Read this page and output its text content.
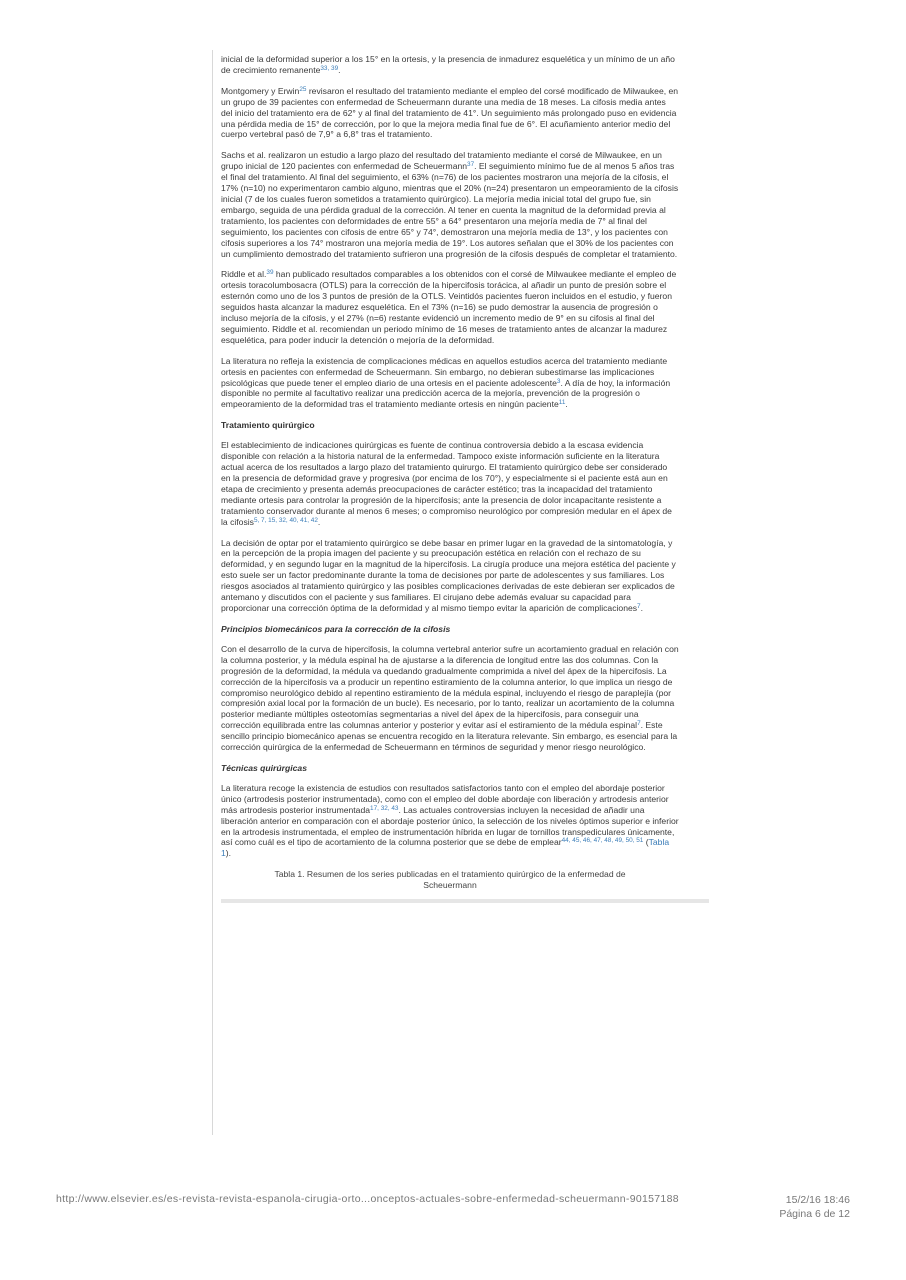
inicial de la deformidad superior a los 15° en la ortesis, y la presencia de inmadurez esquelética y un mínimo de un año de crecimiento remanente$^{33, 39}$.

Montgomery y Erwin$^{25}$ revisaron el resultado del tratamiento mediante el empleo del corsé modificado de Milwaukee, en un grupo de 39 pacientes con enfermedad de Scheuermann durante una media de 18 meses. La cifosis media antes del inicio del tratamiento era de 62° y al final del tratamiento de 41°. Un seguimiento más prolongado puso en evidencia una pérdida media de 15° de corrección, por lo que la mejora media final fue de 6°. El acuñamiento anterior medio del cuerpo vertebral pasó de 7,9° a 6,8° tras el tratamiento.

Sachs et al. realizaron un estudio a largo plazo del resultado del tratamiento mediante el corsé de Milwaukee, en un grupo inicial de 120 pacientes con enfermedad de Scheuermann$^{37}$. El seguimiento mínimo fue de al menos 5 años tras el final del tratamiento. Al final del seguimiento, el 63% (n=76) de los pacientes mostraron una mejoría de la cifosis, el 17% (n=10) no experimentaron cambio alguno, mientras que el 20% (n=24) presentaron un empeoramiento de la cifosis inicial (7 de los cuales fueron sometidos a tratamiento quirúrgico). La mejoría media inicial total del grupo fue, sin embargo, seguida de una pérdida gradual de la corrección. Al tener en cuenta la magnitud de la deformidad previa al tratamiento, los pacientes con deformidades de entre 55° a 64° presentaron una mejoría media de 7° al final del seguimiento, los pacientes con cifosis de entre 65° y 74°, demostraron una mejoría media de 13°, y los pacientes con cifosis superiores a los 74° mostraron una mejoría media de 19°. Los autores señalan que el 30% de los pacientes con un cumplimiento demostrado del tratamiento sufrieron una progresión de la cifosis después de completar el tratamiento.

Riddle et al.$^{39}$ han publicado resultados comparables a los obtenidos con el corsé de Milwaukee mediante el empleo de ortesis toracolumbosacra (OTLS) para la corrección de la hipercifosis torácica, al añadir un punto de presión sobre el esternón como uno de los 3 puntos de presión de la OTLS. Veintidós pacientes fueron incluidos en el estudio, y fueron seguidos hasta alcanzar la madurez esquelética. En el 73% (n=16) se pudo demostrar la ausencia de progresión o incluso mejoría de la cifosis, y el 27% (n=6) restante evidenció un incremento medio de 9° en su cifosis al final del seguimiento. Riddle et al. recomiendan un periodo mínimo de 16 meses de tratamiento antes de alcanzar la madurez esquelética, para poder inducir la detención o mejoría de la deformidad.

La literatura no refleja la existencia de complicaciones médicas en aquellos estudios acerca del tratamiento mediante ortesis en pacientes con enfermedad de Scheuermann. Sin embargo, no debieran subestimarse las implicaciones psicológicas que puede tener el empleo diario de una ortesis en el paciente adolescente$^3$. A día de hoy, la información disponible no permite al facultativo realizar una predicción acerca de la mejoría, prevención de la progresión o empeoramiento de la deformidad tras el tratamiento mediante ortesis en ningún paciente$^{11}$.

Tratamiento quirúrgico

El establecimiento de indicaciones quirúrgicas es fuente de continua controversia debido a la escasa evidencia disponible con relación a la historia natural de la enfermedad. Tampoco existe información suficiente en la literatura actual acerca de los resultados a largo plazo del tratamiento quirurgo. El tratamiento quirúrgico debe ser considerado en la presencia de deformidad grave y progresiva (por encima de los 70°), y especialmente si el paciente está aun en etapa de crecimiento y presenta además preocupaciones de carácter estético; tras la incapacidad del tratamiento mediante ortesis para controlar la progresión de la hipercifosis; ante la presencia de dolor incapacitante resistente a tratamiento conservador durante al menos 6 meses; o compromiso neurológico por compresión medular en el ápex de la cifosis$^{5, 7, 15, 32, 40, 41, 42}$.

La decisión de optar por el tratamiento quirúrgico se debe basar en primer lugar en la gravedad de la sintomatología, y en la percepción de la propia imagen del paciente y su preocupación estética en relación con el rechazo de su deformidad, y en segundo lugar en la magnitud de la hipercifosis. La cirugía produce una mejora estética del paciente y esto suele ser un factor predominante durante la toma de decisiones por parte de adolescentes y sus familiares. Los riesgos asociados al tratamiento quirúrgico y las posibles complicaciones derivadas de este debieran ser explicados de antemano y discutidos con el paciente y sus familiares. El cirujano debe además evaluar su capacidad para proporcionar una corrección óptima de la deformidad y al mismo tiempo evitar la aparición de complicaciones$^7$.

Principios biomecánicos para la corrección de la cifosis

Con el desarrollo de la curva de hipercifosis, la columna vertebral anterior sufre un acortamiento gradual en relación con la columna posterior, y la médula espinal ha de ajustarse a la diferencia de longitud entre las dos columnas. Con la progresión de la deformidad, la médula va quedando gradualmente comprimida a nivel del ápex de la hipercifosis. La corrección de la hipercifosis va a producir un repentino estiramiento de la columna anterior, lo que implica un riesgo de compromiso neurológico debido al repentino estiramiento de la médula espinal, incluyendo el riesgo de paraplejía (por compresión axial local por la formación de un bucle). Es necesario, por lo tanto, realizar un acortamiento de la columna posterior mediante múltiples osteotomías segmentarias a nivel del ápex de la hipercifosis, para conseguir una corrección equilibrada entre las columnas anterior y posterior y evitar así el estiramiento de la médula espinal$^7$. Este sencillo principio biomecánico apenas se encuentra recogido en la literatura relevante. Sin embargo, es esencial para la corrección quirúrgica de la enfermedad de Scheuermann en términos de seguridad y menor riesgo neurológico.

Técnicas quirúrgicas

La literatura recoge la existencia de estudios con resultados satisfactorios tanto con el empleo del abordaje posterior único (artrodesis posterior instrumentada), como con el empleo del doble abordaje con liberación y artrodesis anterior más artrodesis posterior instrumentada$^{17, 32, 43}$. Las actuales controversias incluyen la necesidad de añadir una liberación anterior en comparación con el abordaje posterior único, la selección de los niveles óptimos superior e inferior en la artrodesis instrumentada, el empleo de instrumentación híbrida en lugar de tornillos transpediculares únicamente, así como cuál es el tipo de acortamiento de la columna posterior que se debe de emplear$^{44, 45, 46, 47, 48, 49, 50, 51}$ (Tabla 1).

Tabla 1. Resumen de los series publicadas en el tratamiento quirúrgico de la enfermedad de Scheuermann
http://www.elsevier.es/es-revista-revista-espanola-cirugia-orto...onceptos-actuales-sobre-enfermedad-scheuermann-90157188	15/2/16 18:46
Página 6 de 12
